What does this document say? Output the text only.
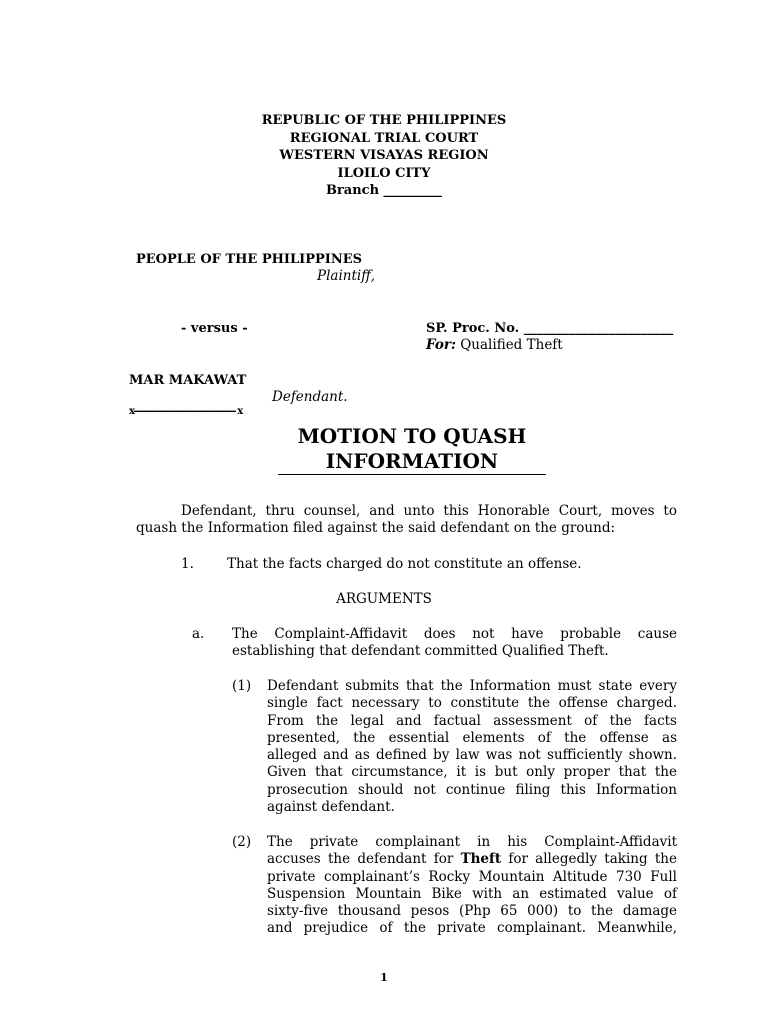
REPUBLIC OF THE PHILIPPINES
REGIONAL TRIAL COURT
WESTERN VISAYAS REGION
ILOILO CITY
Branch _________
PEOPLE OF THE PHILIPPINES
Plaintiff,
- versus -	SP. Proc. No. _______________________
For: Qualified Theft
MAR MAKAWAT
Defendant.
x------------------------------------- x
MOTION TO QUASH
INFORMATION
Defendant, thru counsel, and unto this Honorable Court, moves to
quash the Information filed against the said defendant on the ground:
1. That the facts charged do not constitute an offense.
ARGUMENTS
a. The Complaint-Affidavit does not have probable cause
establishing that defendant committed Qualified Theft.
(1) Defendant submits that the Information must state every
single fact necessary to constitute the offense charged.
From the legal and factual assessment of the facts
presented, the essential elements of the offense as
alleged and as defined by law was not sufficiently shown.
Given that circumstance, it is but only proper that the
prosecution should not continue filing this Information
against defendant.
(2) The private complainant in his Complaint-Affidavit
accuses the defendant for Theft for allegedly taking the
private complainant’s Rocky Mountain Altitude 730 Full
Suspension Mountain Bike with an estimated value of
sixty-five thousand pesos (Php 65 000) to the damage
and prejudice of the private complainant. Meanwhile,
1
